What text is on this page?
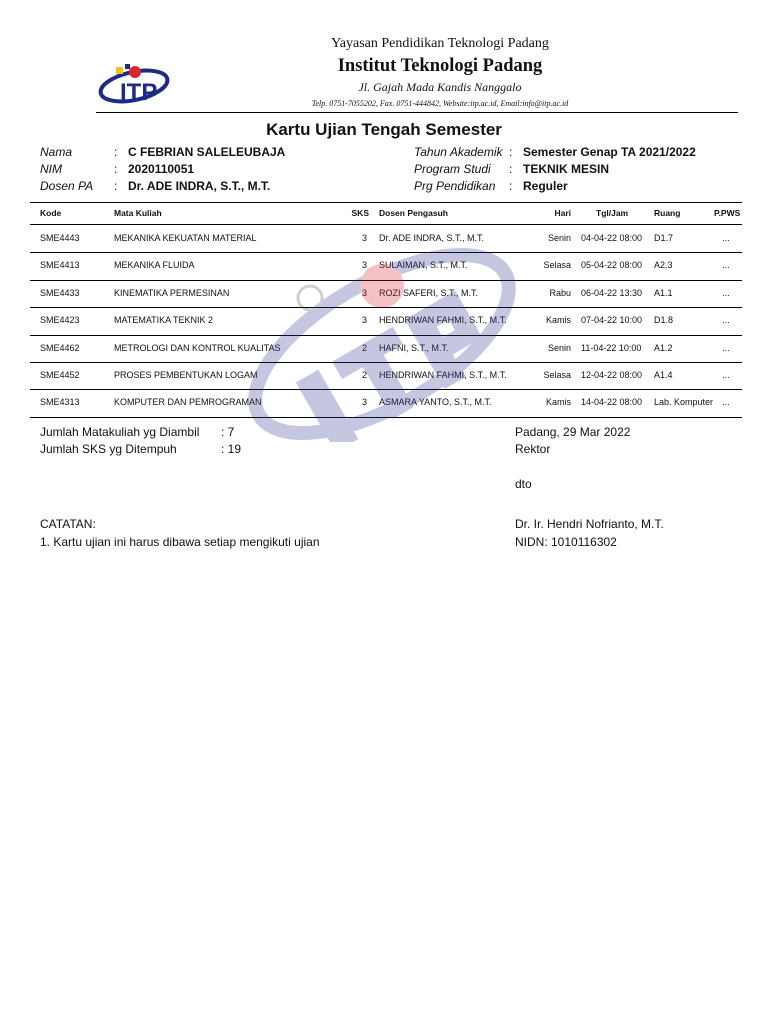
ITP
Yayasan Pendidikan Teknologi Padang
Institut Teknologi Padang
Jl. Gajah Mada Kandis Nanggalo
Telp. 0751-7055202, Fax. 0751-444842, Website:itp.ac.id, Email:info@itp.ac.id
Kartu Ujian Tengah Semester
Nama	: C FEBRIAN SALELEUBAJA
NIM	: 2020110051
Dosen PA : Dr. ADE INDRA, S.T., M.T.
Tahun Akademik : Semester Genap TA 2021/2022
Program Studi : TEKNIK MESIN
Prg Pendidikan : Reguler
Kode	Mata Kuliah	SKS Dosen Pengasuh	Hari	Tgl/Jam	Ruang	P.PWS
SME4443	MEKANIKA KEKUATAN MATERIAL	3 Dr. ADE INDRA, S.T., M.T.	Senin 04-04-22 08:00 D1.7	...
SME4413	MEKANIKA FLUIDA	3 SULAIMAN, S.T., M.T.	Selasa 05-04-22 08:00 A2.3	...
SME4433	KINEMATIKA PERMESINAN	3 ROZI SAFERI, S.T., M.T.	Rabu 06-04-22 13:30 A1.1	...
SME4423	MATEMATIKA TEKNIK 2	3 HENDRIWAN FAHMI, S.T., M.T.	Kamis 07-04-22 10:00 D1.8	...
SME4462	METROLOGI DAN KONTROL KUALITAS	2 HAFNI, S.T., M.T.	Senin 11-04-22 10:00 A1.2	...
SME4452	PROSES PEMBENTUKAN LOGAM	2 HENDRIWAN FAHMI, S.T., M.T.	Selasa 12-04-22 08:00 A1.4	...
SME4313	KOMPUTER DAN PEMROGRAMAN	3 ASMARA YANTO, S.T., M.T.	Kamis 14-04-22 08:00 Lab. Komputer	...
Jumlah Matakuliah yg Diambil : 7
Jumlah SKS yg Ditempuh	: 19
Padang, 29 Mar 2022
Rektor
dto
Dr. Ir. Hendri Nofrianto, M.T.
NIDN: 1010116302
CATATAN:
1. Kartu ujian ini harus dibawa setiap mengikuti ujian
